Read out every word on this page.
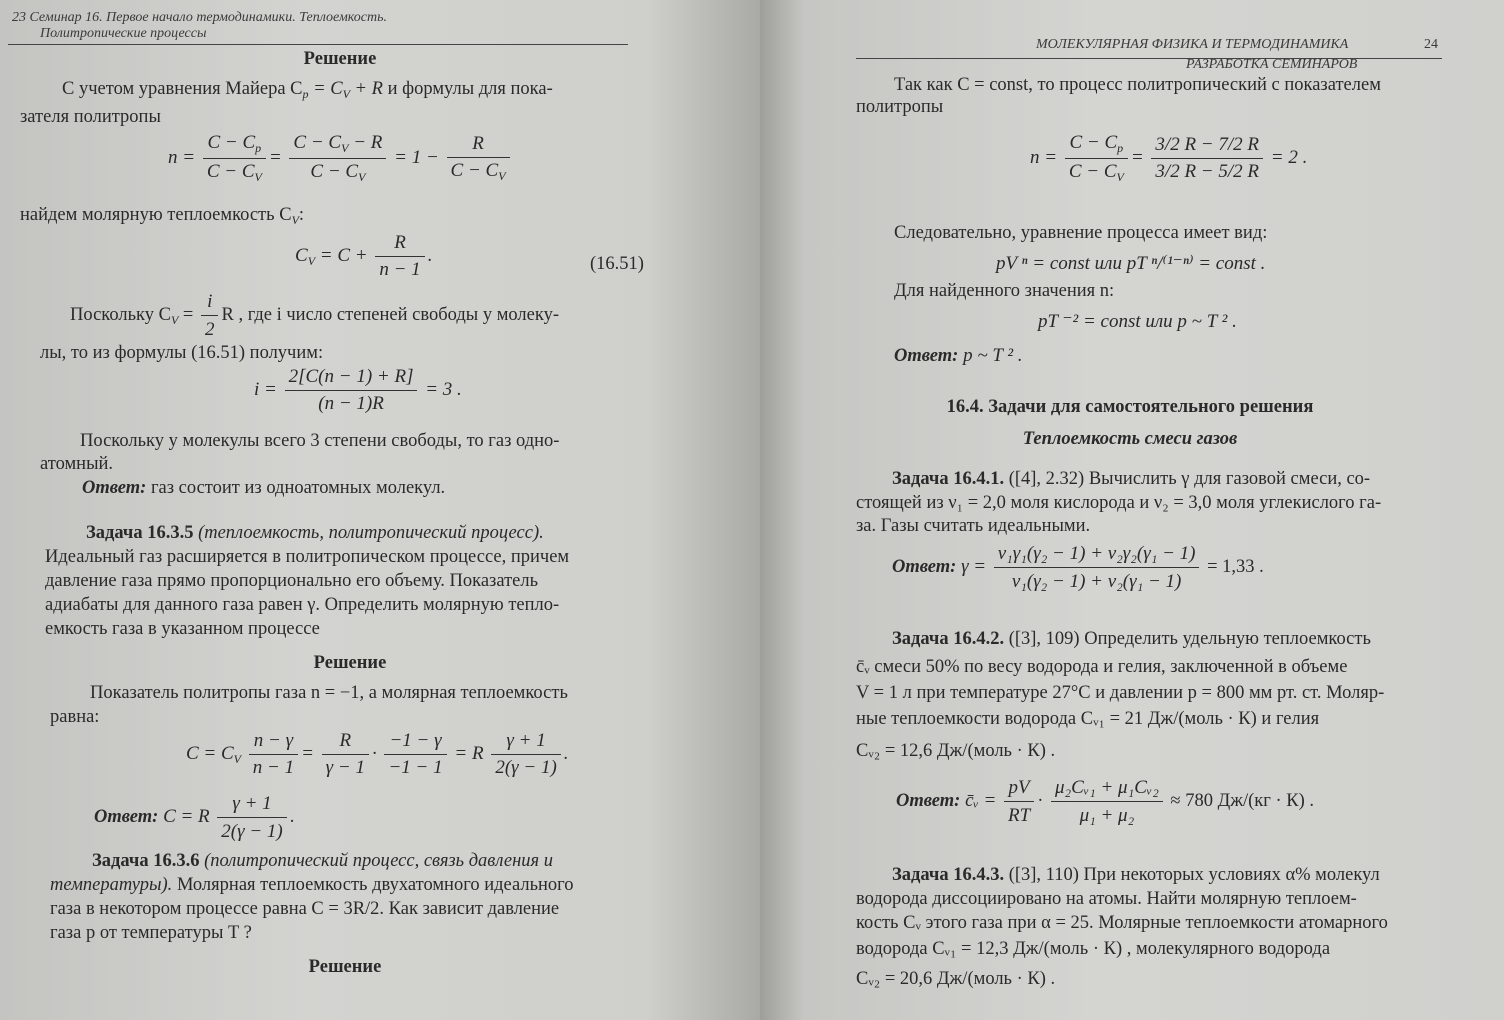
23 Семинар 16. Первое начало термодинамики. Теплоемкость.
Политропические процессы
Решение
С учетом уравнения Майера $C_p = C_V + R$ и формулы для пока-
зателя политропы
$n = \frac{C - C_p}{C - C_V} = \frac{C - C_V - R}{C - C_V} = 1 - \frac{R}{C - C_V}$
найдем молярную теплоемкость $C_V$:
$C_V = C + \frac{R}{n - 1}$ .	(16.51)
Поскольку $C_V = \frac{i}{2}$ R , где i число степеней свободы у молеку-
лы, то из формулы (16.51) получим:
$i = \frac{2[C(n - 1) + R]}{(n - 1)R} = 3$ .
Поскольку у молекулы всего 3 степени свободы, то газ одно-
атомный.
Ответ: газ состоит из одноатомных молекул.
Задача 16.3.5 (теплоемкость, политропический процесс).
Идеальный газ расширяется в политропическом процессе, причем
давление газа прямо пропорционально его объему. Показатель
адиабаты для данного газа равен γ. Определить молярную тепло-
емкость газа в указанном процессе
Решение
Показатель политропы газа n = −1, а молярная теплоемкость
равна:
$C = C_V \frac{n - \gamma}{n - 1} = \frac{R}{\gamma - 1} \cdot \frac{-1 - \gamma}{-1 - 1} = R \frac{\gamma + 1}{2(\gamma - 1)}$ .
Ответ: C = R $\frac{\gamma + 1}{2(\gamma - 1)}$ .
Задача 16.3.6 (политропический процесс, связь давления и
температуры). Молярная теплоемкость двухатомного идеального
газа в некотором процессе равна C = 3R/2. Как зависит давление
газа p от температуры T ?
Решение
МОЛЕКУЛЯРНАЯ ФИЗИКА И ТЕРМОДИНАМИКА	24
РАЗРАБОТКА СЕМИНАРОВ
Так как C = const, то процесс политропический с показателем
политропы
$n = \frac{C - C_p}{C - C_V} = \frac{3/2 R - 7/2 R}{3/2 R - 5/2 R} = 2$ .
Следовательно, уравнение процесса имеет вид:
pV ⁿ = const или pT ⁿ/⁽¹⁻ⁿ⁾ = const .
Для найденного значения n:
pT ⁻² = const или p ~ T ² .
Ответ: p ~ T ² .
16.4. Задачи для самостоятельного решения
Теплоемкость смеси газов
Задача 16.4.1. ([4], 2.32) Вычислить γ для газовой смеси, со-
стоящей из ν₁ = 2,0 моля кислорода и ν₂ = 3,0 моля углекислого га-
за. Газы считать идеальными.
Ответ: $\gamma = \frac{\text{ν₁γ₁(γ₂ − 1) + ν₂γ₂(γ₁ − 1)}}{\text{ν₁(γ₂ − 1) + ν₂(γ₁ − 1)}} = 1,33$ .
Задача 16.4.2. ([3], 109) Определить удельную теплоемкость
c̄ᵥ смеси 50% по весу водорода и гелия, заключенной в объеме
V = 1 л при температуре 27°С и давлении p = 800 мм рт. ст. Моляр-
ные теплоемкости водорода Cᵥ₁ = 21 Дж/(моль · К) и гелия
Cᵥ₂ = 12,6 Дж/(моль · К) .
Ответ: c̄ᵥ = $\frac{pV}{RT} \cdot \frac{\text{μ₂Cᵥ₁ + μ₁Cᵥ₂}}{\text{μ₁ + μ₂}} \approx 780$ Дж/(кг · К) .
Задача 16.4.3. ([3], 110) При некоторых условиях α% молекул
водорода диссоциировано на атомы. Найти молярную теплоем-
кость Cᵥ этого газа при α = 25. Молярные теплоемкости атомарного
водорода Cᵥ₁ = 12,3 Дж/(моль · К) , молекулярного водорода
Cᵥ₂ = 20,6 Дж/(моль · К) .
